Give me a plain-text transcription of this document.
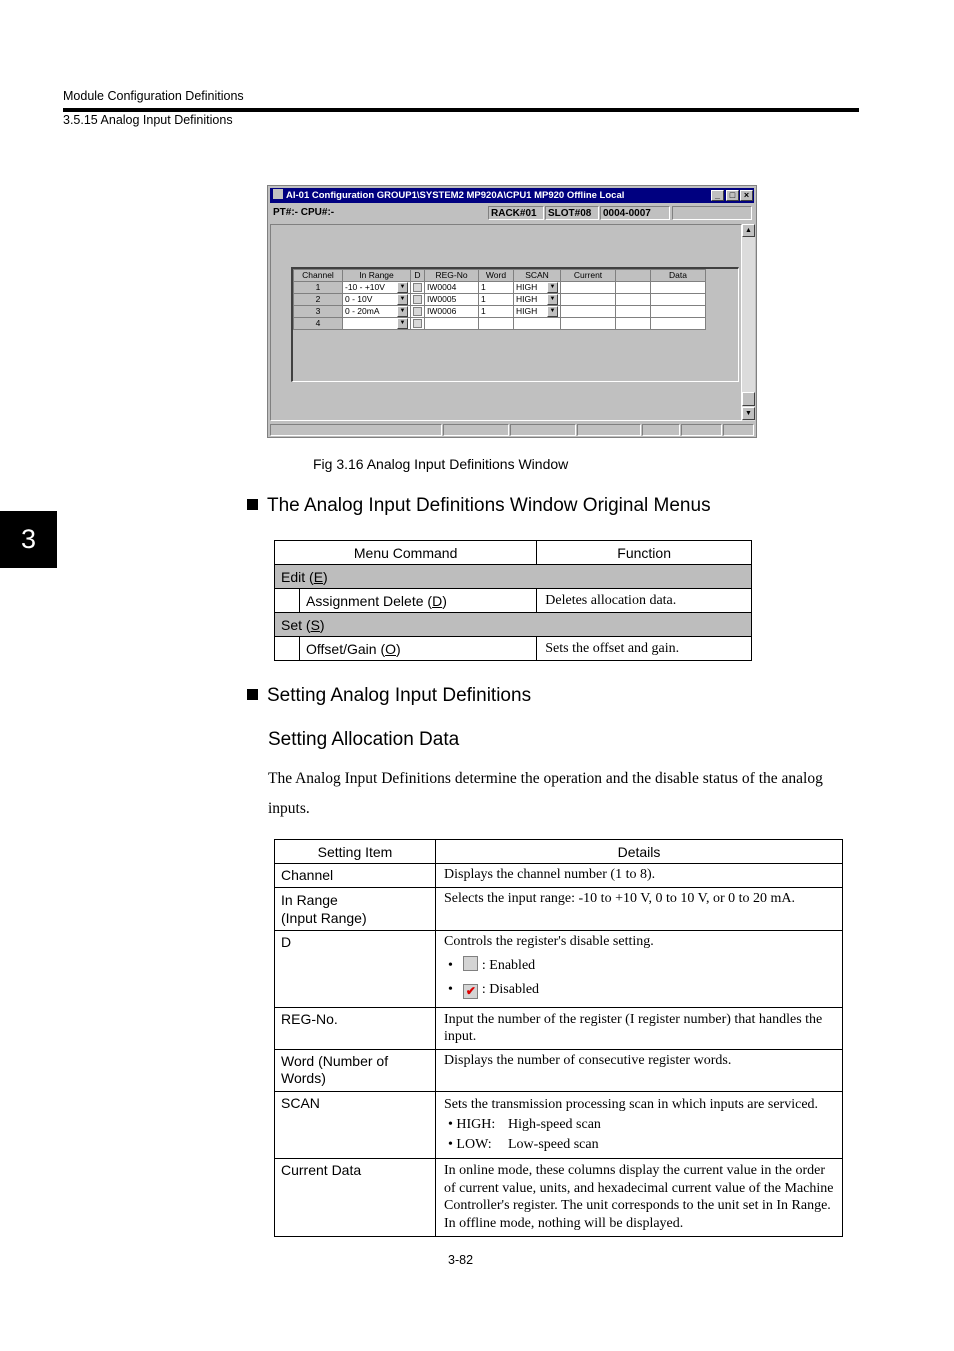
Module Configuration Definitions
3.5.15 Analog Input Definitions
AI-01 Configuration GROUP1\SYSTEM2 MP920A\CPU1 MP920 Offline Local	_	□ ×
PT#:- CPU#:-	RACK#01	SLOT#08	0004-0007
Channel	In Range	D	REG-No	Word	SCAN	Current		Data
1	-10 - +10V ▼		IW0004	1	HIGH ▼			

2	0 - 10V ▼		IW0005	1	HIGH ▼			

3	0 - 20mA ▼		IW0006	1	HIGH ▼			

4	▼							

▲
▼
Fig 3.16 Analog Input Definitions Window
3
The Analog Input Definitions Window Original Menus
Menu Command		Function
Edit (E)		
	Assignment Delete (D)	Deletes allocation data.
Set (S)		
	Offset/Gain (O)	Sets the offset and gain.
Setting Analog Input Definitions
Setting Allocation Data
The Analog Input Definitions determine the operation and the disable status of the analog
inputs.
Setting Item	Details
Channel	Displays the channel number (1 to 8).

In Range
(Input Range)	Selects the input range: -10 to +10 V, 0 to 10 V, or 0 to 20 mA.
D	Controls the register's disable setting.
• : Enabled
• ✔ : Disabled

REG-No.	Input the number of the register (I register number) that handles the input.

Word (Number of
Words)	Displays the number of consecutive register words.
SCAN	Sets the transmission processing scan in which inputs are serviced.
• HIGH: High-speed scan
• LOW: Low-speed scan

Current Data	In online mode, these columns display the current value in the order of current value, units, and hexadecimal current value of the Machine Controller's register. The unit corresponds to the unit set in In Range. In offline mode, nothing will be displayed.
3-82
